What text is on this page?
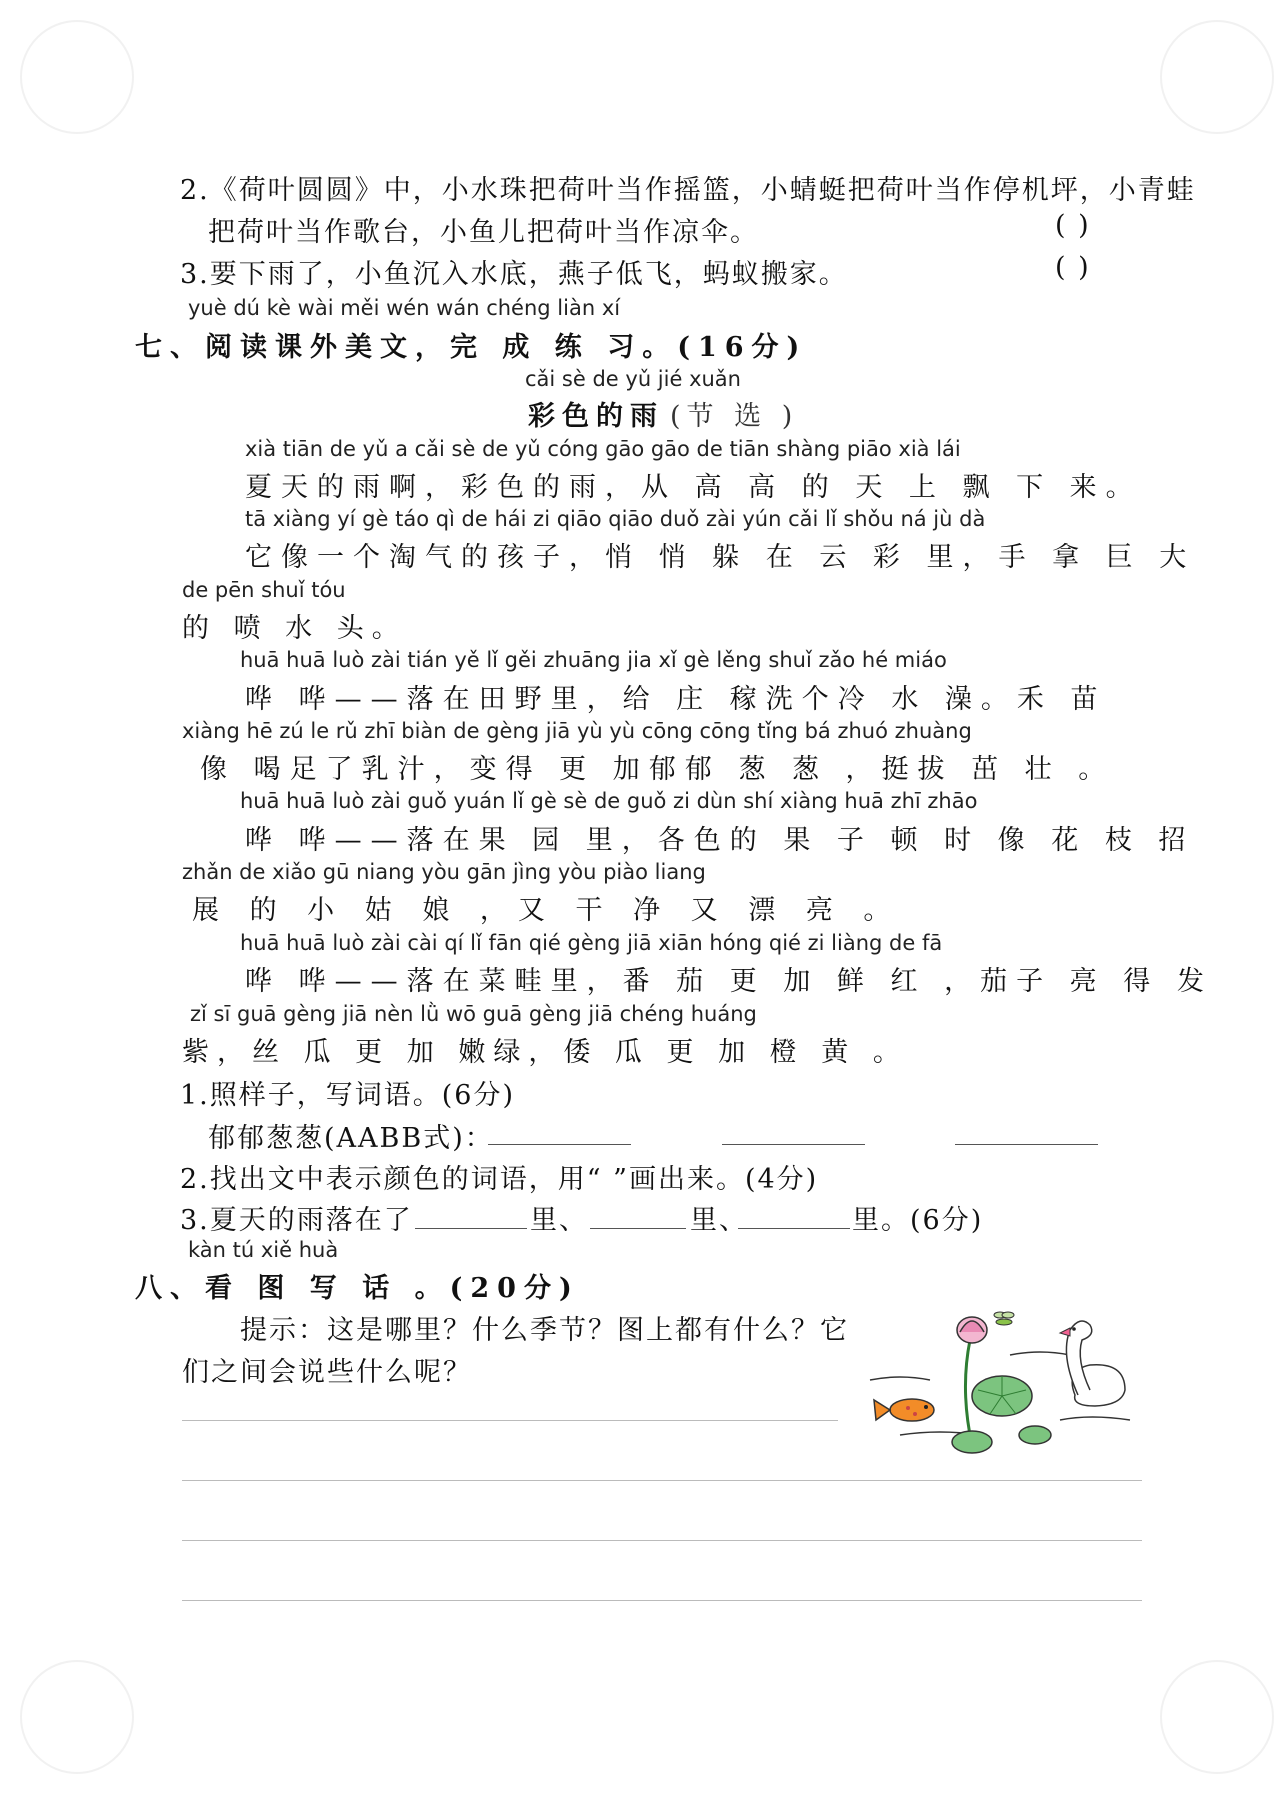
2.《荷叶圆圆》中，小水珠把荷叶当作摇篮，小蜻蜓把荷叶当作停机坪，小青蛙
把荷叶当作歌台，小鱼儿把荷叶当作凉伞。	( )
3.要下雨了，小鱼沉入水底，燕子低飞，蚂蚁搬家。	( )
yuè dú kè wài měi wén wán chéng liàn xí
七、阅读课外美文，完 成 练 习。(16分)
cǎi sè de yǔ jié xuǎn
彩色的雨 (节 选 )
xià tiān de yǔ a cǎi sè de yǔ cóng gāo gāo de tiān shàng piāo xià lái
夏天的雨啊，彩色的雨，从 高 高 的 天 上 飘 下 来。
tā xiàng yí gè táo qì de hái zi qiāo qiāo duǒ zài yún cǎi lǐ shǒu ná jù dà
它像一个淘气的孩子，悄 悄 躲 在 云 彩 里，手 拿 巨 大
de pēn shuǐ tóu
的 喷 水 头。
huā huā luò zài tián yě lǐ gěi zhuāng jia xǐ gè lěng shuǐ zǎo hé miáo
哗 哗——落在田野里，给 庄 稼洗个冷 水 澡。禾 苗
xiàng hē zú le rǔ zhī biàn de gèng jiā yù yù cōng cōng tǐng bá zhuó zhuàng
像 喝足了乳汁，变得 更 加郁郁 葱 葱 ，挺拔 茁 壮 。
huā huā luò zài guǒ yuán lǐ gè sè de guǒ zi dùn shí xiàng huā zhī zhāo
哗 哗——落在果 园 里，各色的 果 子 顿 时 像 花 枝 招
zhǎn de xiǎo gū niang yòu gān jìng yòu piào liang
展 的 小 姑 娘 ，又 干 净 又 漂 亮 。
huā huā luò zài cài qí lǐ fān qié gèng jiā xiān hóng qié zi liàng de fā
哗 哗——落在菜畦里，番 茄 更 加 鲜 红 ，茄子 亮 得 发
zǐ sī guā gèng jiā nèn lǜ wō guā gèng jiā chéng huáng
紫，丝 瓜 更 加 嫩绿，倭 瓜 更 加 橙 黄 。
1.照样子，写词语。(6分)
郁郁葱葱(AABB式)：
2.找出文中表示颜色的词语，用“ ”画出来。(4分)
3.夏天的雨落在了	里、	里、	里。(6分)
kàn tú xiě huà
八、看 图 写 话 。(20分)
提示：这是哪里？什么季节？图上都有什么？它
们之间会说些什么呢？
